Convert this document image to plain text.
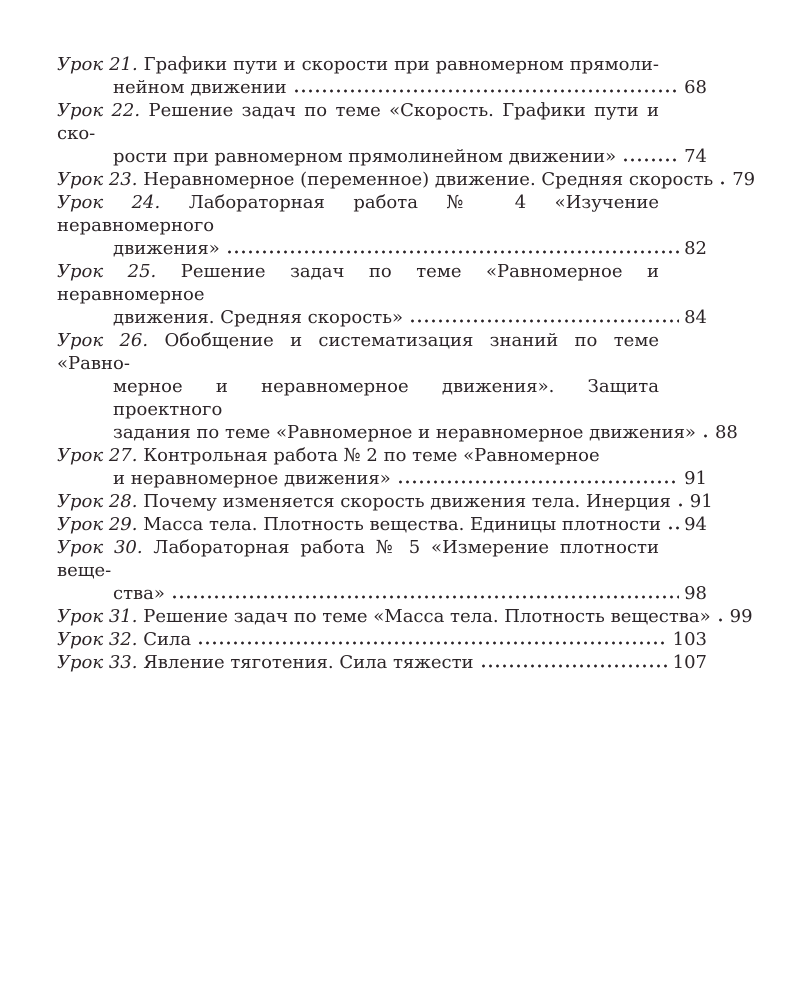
Урок 21. Графики пути и скорости при равномерном прямоли-
нейном движении	68
Урок 22. Решение задач по теме «Скорость. Графики пути и ско-
рости при равномерном прямолинейном движении»	74
Урок 23. Неравномерное (переменное) движение. Средняя скорость 79
Урок 24. Лабораторная работа № 4 «Изучение неравномерного
движения»	82
Урок 25. Решение задач по теме «Равномерное и неравномерное
движения. Средняя скорость»	84
Урок 26. Обобщение и систематизация знаний по теме «Равно-
мерное и неравномерное движения». Защита проектного
задания по теме «Равномерное и неравномерное движения» 88
Урок 27. Контрольная работа № 2 по теме «Равномерное
и неравномерное движения»	91
Урок 28. Почему изменяется скорость движения тела. Инерция 91
Урок 29. Масса тела. Плотность вещества. Единицы плотности 94
Урок 30. Лабораторная работа № 5 «Измерение плотности веще-
ства»	98
Урок 31. Решение задач по теме «Масса тела. Плотность вещества» 99
Урок 32. Сила	103
Урок 33. Явление тяготения. Сила тяжести	107
